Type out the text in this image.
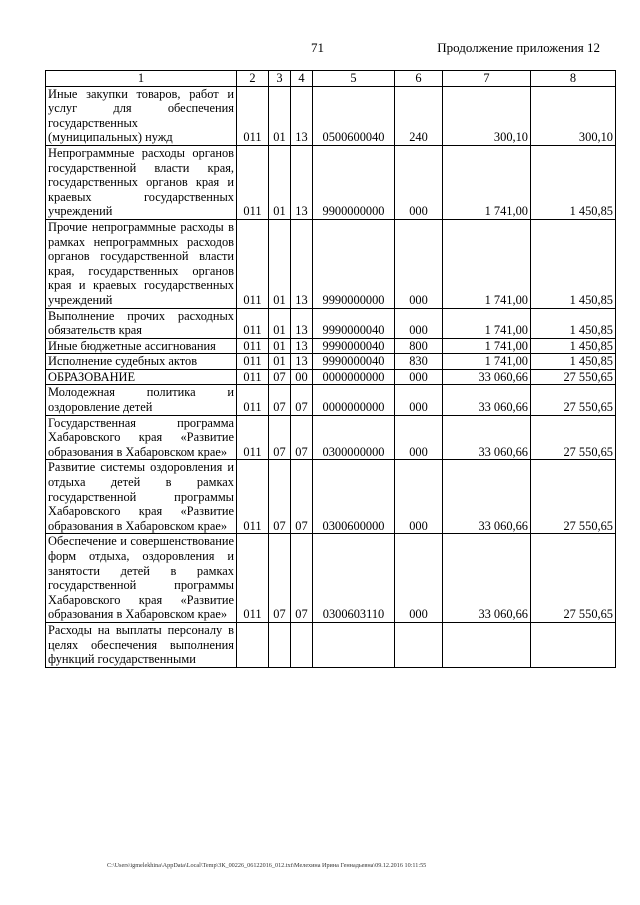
71	Продолжение приложения 12
1	2	3	4	5	6	7	8
Иные закупки товаров, работ и услуг для обеспечения государственных (муниципальных) нужд	011	01	13	0500600040	240	300,10	300,10
Непрограммные расходы органов государственной власти края, государственных органов края и краевых государственных учреждений	011	01	13	9900000000	000	1 741,00	1 450,85
Прочие непрограммные расходы в рамках непрограммных расходов органов государственной власти края, государственных органов края и краевых государственных учреждений	011	01	13	9990000000	000	1 741,00	1 450,85
Выполнение прочих расходных обязательств края	011	01	13	9990000040	000	1 741,00	1 450,85
Иные бюджетные ассигнования	011	01	13	9990000040	800	1 741,00	1 450,85
Исполнение судебных актов	011	01	13	9990000040	830	1 741,00	1 450,85
ОБРАЗОВАНИЕ	011	07	00	0000000000	000	33 060,66	27 550,65
Молодежная политика и оздоровление детей	011	07	07	0000000000	000	33 060,66	27 550,65
Государственная программа Хабаровского края «Развитие образования в Хабаровском крае»	011	07	07	0300000000	000	33 060,66	27 550,65
Развитие системы оздоровления и отдыха детей в рамках государственной программы Хабаровского края «Развитие образования в Хабаровском крае»	011	07	07	0300600000	000	33 060,66	27 550,65
Обеспечение и совершенствование форм отдыха, оздоровления и занятости детей в рамках государственной программы Хабаровского края «Развитие образования в Хабаровском крае»	011	07	07	0300603110	000	33 060,66	27 550,65
Расходы на выплаты персоналу в целях обеспечения выполнения функций государственными							
C:\Users\igmelekhina\AppData\Local\Temp\ЗК_00226_06122016_012.txt\Мелехина Ирина Геннадьевна\09.12.2016 10:11:55
